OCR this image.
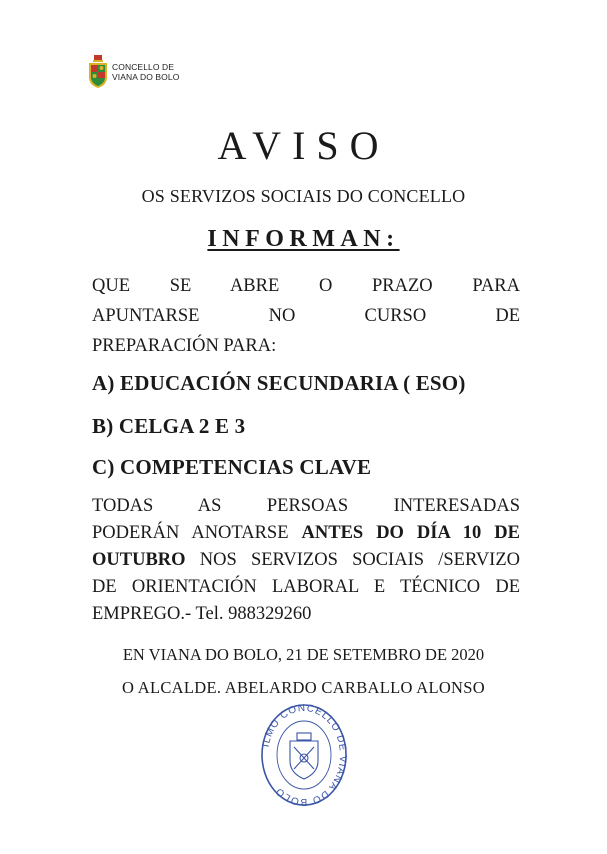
CONCELLO DE
VIANA DO BOLO
AVISO
OS SERVIZOS SOCIAIS DO CONCELLO
INFORMAN:
QUE SE ABRE O PRAZO PARA
APUNTARSE NO CURSO DE
PREPARACIÓN PARA:
A) EDUCACIÓN SECUNDARIA ( ESO)
B) CELGA 2 E 3
C) COMPETENCIAS CLAVE
TODAS AS PERSOAS INTERESADAS
PODERÁN ANOTARSE ANTES DO DÍA 10 DE
OUTUBRO NOS SERVIZOS SOCIAIS /SERVIZO
DE ORIENTACIÓN LABORAL E TÉCNICO DE
EMPREGO.- Tel. 988329260
EN VIANA DO BOLO, 21 DE SETEMBRO DE 2020
O ALCALDE. ABELARDO CARBALLO ALONSO
ILMO CONCELLO DE VIANA DO BOLO
